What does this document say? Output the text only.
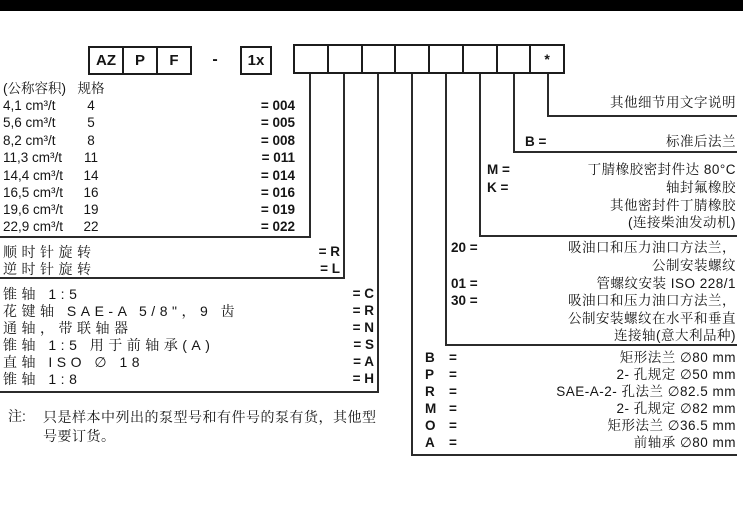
AZ	P	F	-	1x	*
(公称容积) 规格
4,1 cm³/t	4	= 004
5,6 cm³/t	5	= 005
8,2 cm³/t	8	= 008
11,3 cm³/t	11	= 011
14,4 cm³/t	14	= 014
16,5 cm³/t	16	= 016
19,6 cm³/t	19	= 019
22,9 cm³/t	22	= 022
顺时针旋转	= R
逆时针旋转	= L
锥轴 1:5	= C
花键轴 SAE-A 5/8"，9 齿	= R
通轴，带联轴器	= N
锥轴 1:5 用于前轴承(A)	= S
直轴 ISO ∅ 18	= A
锥轴 1:8	= H
其他细节用文字说明
B =	标准后法兰
M =	丁腈橡胶密封件达 80°C
K =	轴封氟橡胶
其他密封件丁腈橡胶
(连接柴油发动机)
20 =	吸油口和压力油口方法兰，
公制安装螺纹
01 =	管螺纹安装 ISO 228/1
30 =	吸油口和压力油口方法兰，
公制安装螺纹在水平和垂直
连接轴(意大利品种)
B =	矩形法兰 ∅80 mm
P =	2- 孔规定 ∅50 mm
R =	SAE-A-2- 孔法兰 ∅82.5 mm
M =	2- 孔规定 ∅82 mm
O =	矩形法兰 ∅36.5 mm
A =	前轴承 ∅80 mm
注: 只是样本中列出的泵型号和有件号的泵有货，其他型号要订货。
